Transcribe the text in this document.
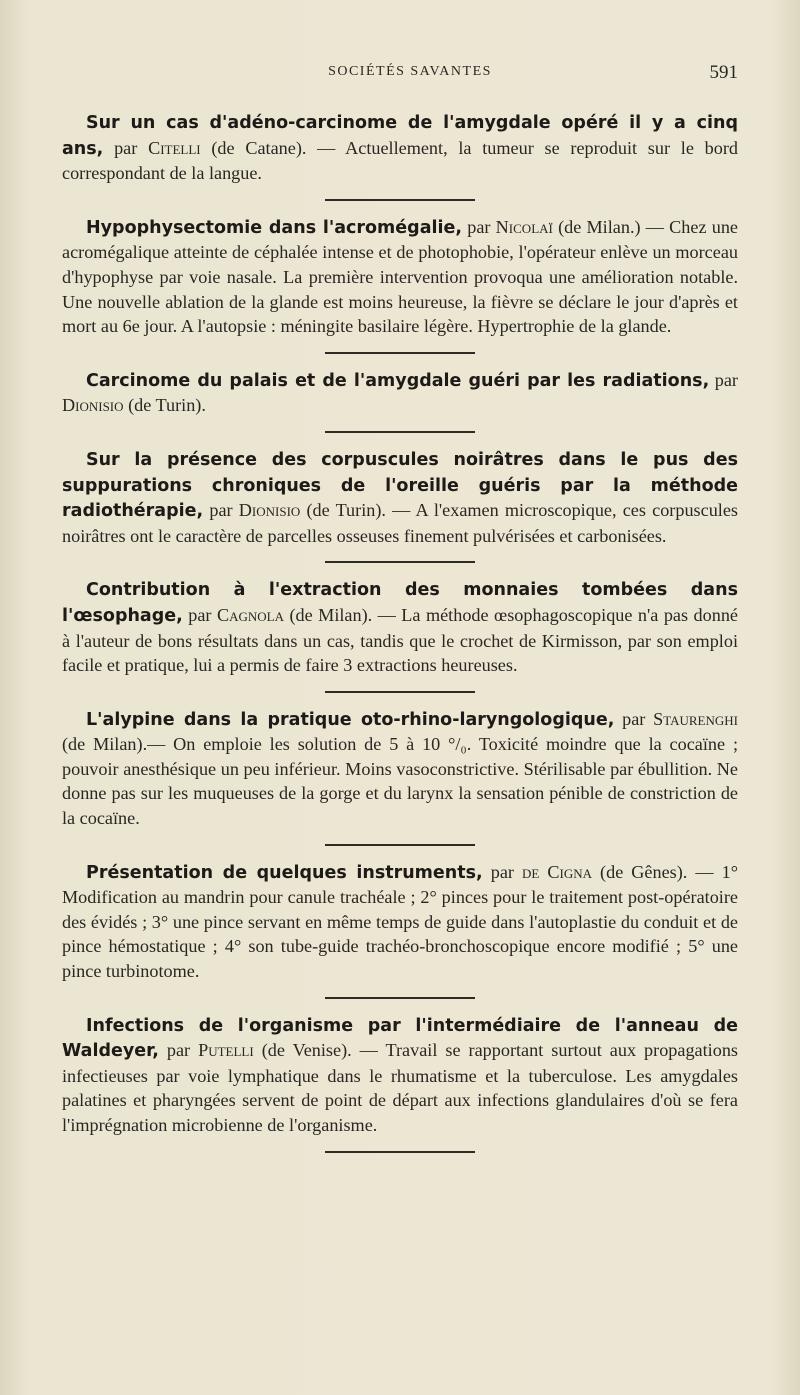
SOCIÉTÉS SAVANTES	591

Sur un cas d'adéno-carcinome de l'amygdale opéré il y a cinq ans, par Citelli (de Catane). — Actuellement, la tumeur se reproduit sur le bord correspondant de la langue.

Hypophysectomie dans l'acromégalie, par Nicolaï (de Milan.) — Chez une acromégalique atteinte de céphalée intense et de photophobie, l'opérateur enlève un morceau d'hypophyse par voie nasale. La première intervention provoqua une amélioration notable. Une nouvelle ablation de la glande est moins heureuse, la fièvre se déclare le jour d'après et mort au 6e jour. A l'autopsie : méningite basilaire légère. Hypertrophie de la glande.

Carcinome du palais et de l'amygdale guéri par les radiations, par Dionisio (de Turin).

Sur la présence des corpuscules noirâtres dans le pus des suppurations chroniques de l'oreille guéris par la méthode radiothérapie, par Dionisio (de Turin). — A l'examen microscopique, ces corpuscules noirâtres ont le caractère de parcelles osseuses finement pulvérisées et carbonisées.

Contribution à l'extraction des monnaies tombées dans l'œsophage, par Cagnola (de Milan). — La méthode œsophagoscopique n'a pas donné à l'auteur de bons résultats dans un cas, tandis que le crochet de Kirmisson, par son emploi facile et pratique, lui a permis de faire 3 extractions heureuses.

L'alypine dans la pratique oto-rhino-laryngologique, par Staurenghi (de Milan).— On emploie les solution de 5 à 10 °/₀. Toxicité moindre que la cocaïne ; pouvoir anesthésique un peu inférieur. Moins vasoconstrictive. Stérilisable par ébullition. Ne donne pas sur les muqueuses de la gorge et du larynx la sensation pénible de constriction de la cocaïne.

Présentation de quelques instruments, par de Cigna (de Gênes). — 1° Modification au mandrin pour canule trachéale ; 2° pinces pour le traitement post-opératoire des évidés ; 3° une pince servant en même temps de guide dans l'autoplastie du conduit et de pince hémostatique ; 4° son tube-guide trachéo-bronchoscopique encore modifié ; 5° une pince turbinotome.

Infections de l'organisme par l'intermédiaire de l'anneau de Waldeyer, par Putelli (de Venise). — Travail se rapportant surtout aux propagations infectieuses par voie lymphatique dans le rhumatisme et la tuberculose. Les amygdales palatines et pharyngées servent de point de départ aux infections glandulaires d'où se fera l'imprégnation microbienne de l'organisme.
